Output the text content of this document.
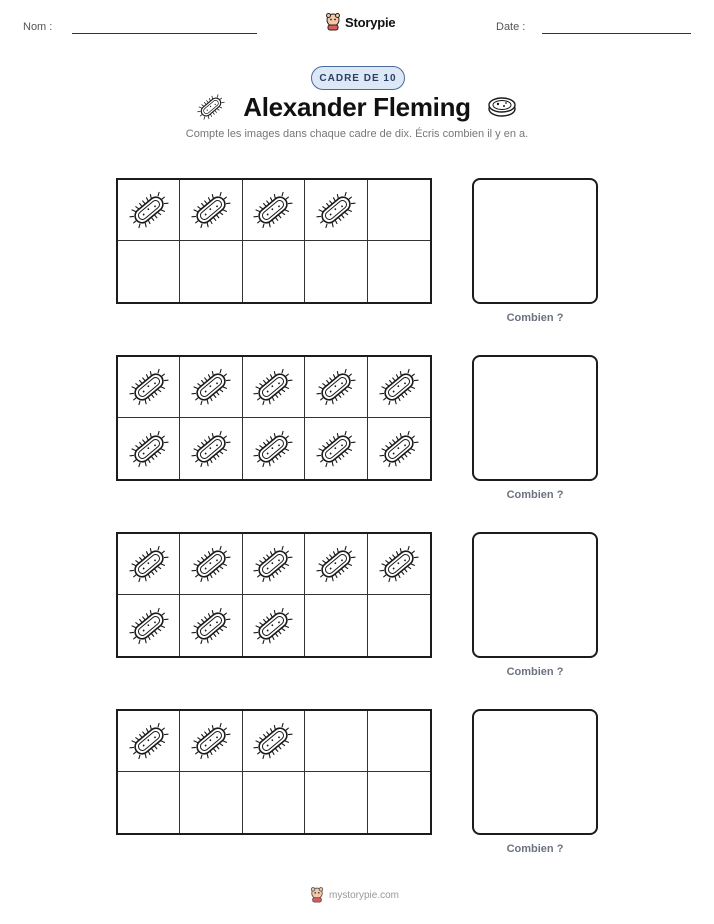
Nom :	Storypie	Date :
CADRE DE 10
Alexander Fleming
Compte les images dans chaque cadre de dix. Écris combien il y en a.
Combien ?
Combien ?
Combien ?
Combien ?
mystorypie.com
